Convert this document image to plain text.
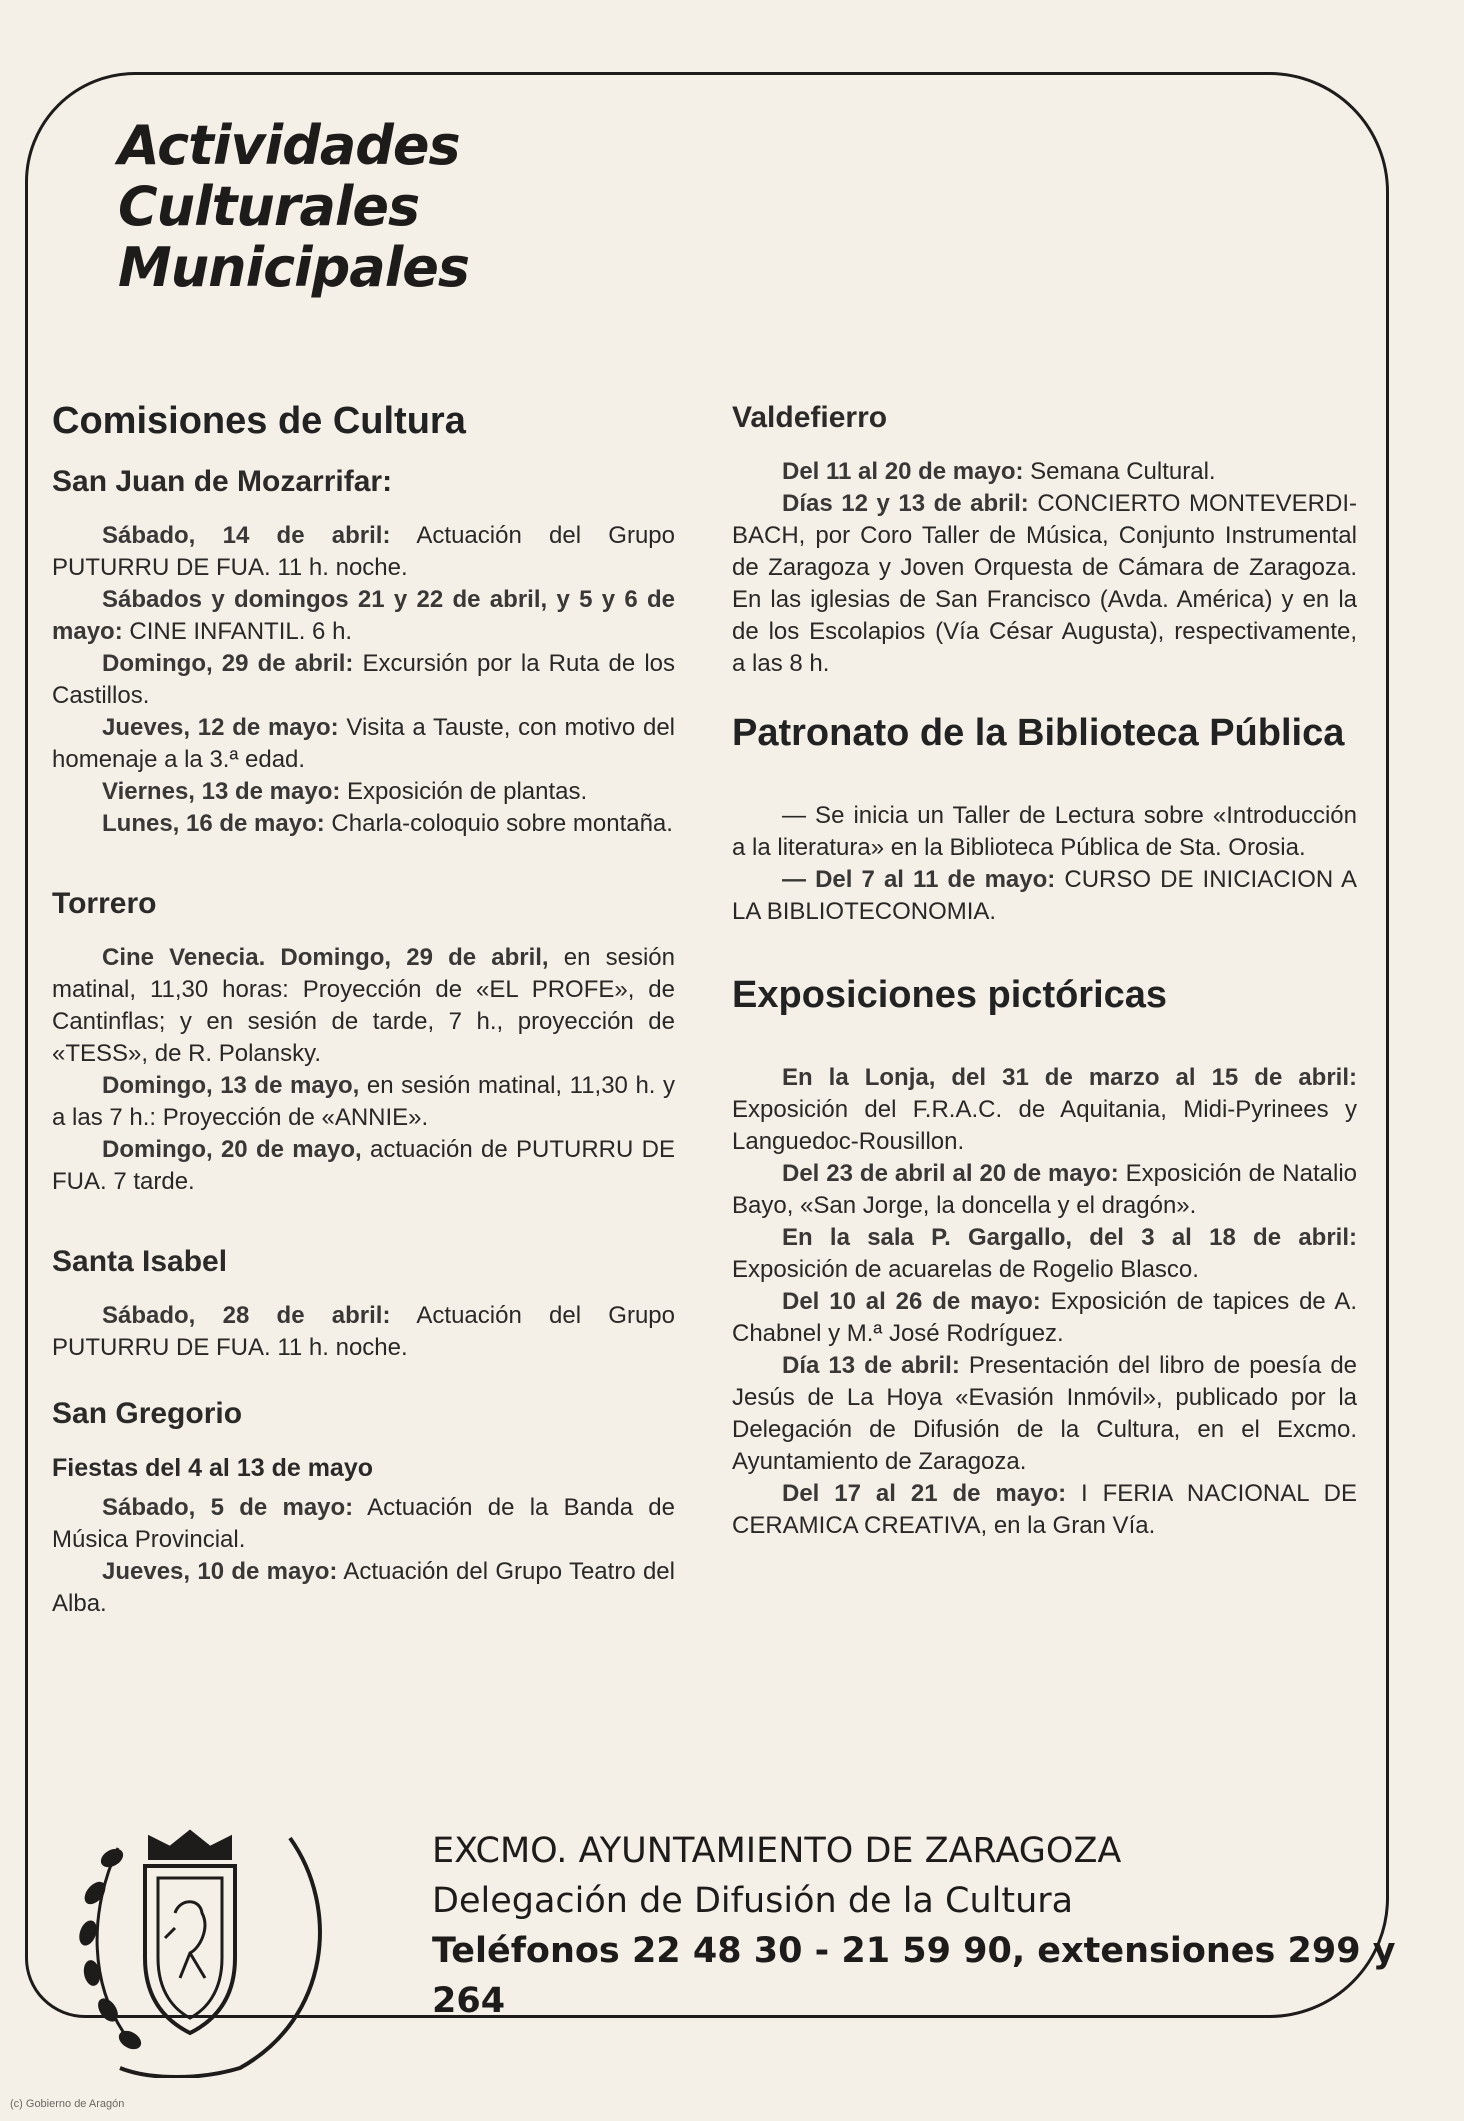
Actividades
Culturales
Municipales
Comisiones de Cultura
San Juan de Mozarrifar:

Sábado, 14 de abril: Actuación del Grupo PUTURRU DE FUA. 11 h. noche.

Sábados y domingos 21 y 22 de abril, y 5 y 6 de mayo: CINE INFANTIL. 6 h.

Domingo, 29 de abril: Excursión por la Ruta de los Castillos.

Jueves, 12 de mayo: Visita a Tauste, con motivo del homenaje a la 3.ª edad.

Viernes, 13 de mayo: Exposición de plantas.

Lunes, 16 de mayo: Charla-coloquio sobre montaña.

Torrero

Cine Venecia. Domingo, 29 de abril, en sesión matinal, 11,30 horas: Proyección de «EL PROFE», de Cantinflas; y en sesión de tarde, 7 h., proyección de «TESS», de R. Polansky.

Domingo, 13 de mayo, en sesión matinal, 11,30 h. y a las 7 h.: Proyección de «ANNIE».

Domingo, 20 de mayo, actuación de PUTURRU DE FUA. 7 tarde.

Santa Isabel

Sábado, 28 de abril: Actuación del Grupo PUTURRU DE FUA. 11 h. noche.

San Gregorio
Fiestas del 4 al 13 de mayo

Sábado, 5 de mayo: Actuación de la Banda de Música Provincial.

Jueves, 10 de mayo: Actuación del Grupo Teatro del Alba.

Valdefierro

Del 11 al 20 de mayo: Semana Cultural.

Días 12 y 13 de abril: CONCIERTO MONTEVERDI-BACH, por Coro Taller de Música, Conjunto Instrumental de Zaragoza y Joven Orquesta de Cámara de Zaragoza. En las iglesias de San Francisco (Avda. América) y en la de los Escolapios (Vía César Augusta), respectivamente, a las 8 h.

Patronato de la Biblioteca Pública

— Se inicia un Taller de Lectura sobre «Introducción a la literatura» en la Biblioteca Pública de Sta. Orosia.

— Del 7 al 11 de mayo: CURSO DE INICIACION A LA BIBLIOTECONOMIA.

Exposiciones pictóricas

En la Lonja, del 31 de marzo al 15 de abril: Exposición del F.R.A.C. de Aquitania, Midi-Pyrinees y Languedoc-Rousillon.

Del 23 de abril al 20 de mayo: Exposición de Natalio Bayo, «San Jorge, la doncella y el dragón».

En la sala P. Gargallo, del 3 al 18 de abril: Exposición de acuarelas de Rogelio Blasco.

Del 10 al 26 de mayo: Exposición de tapices de A. Chabnel y M.ª José Rodríguez.

Día 13 de abril: Presentación del libro de poesía de Jesús de La Hoya «Evasión Inmóvil», publicado por la Delegación de Difusión de la Cultura, en el Excmo. Ayuntamiento de Zaragoza.

Del 17 al 21 de mayo: I FERIA NACIONAL DE CERAMICA CREATIVA, en la Gran Vía.

EXCMO. AYUNTAMIENTO DE ZARAGOZA
Delegación de Difusión de la Cultura
Teléfonos 22 48 30 - 21 59 90, extensiones 299 y 264
(c) Gobierno de Aragón
